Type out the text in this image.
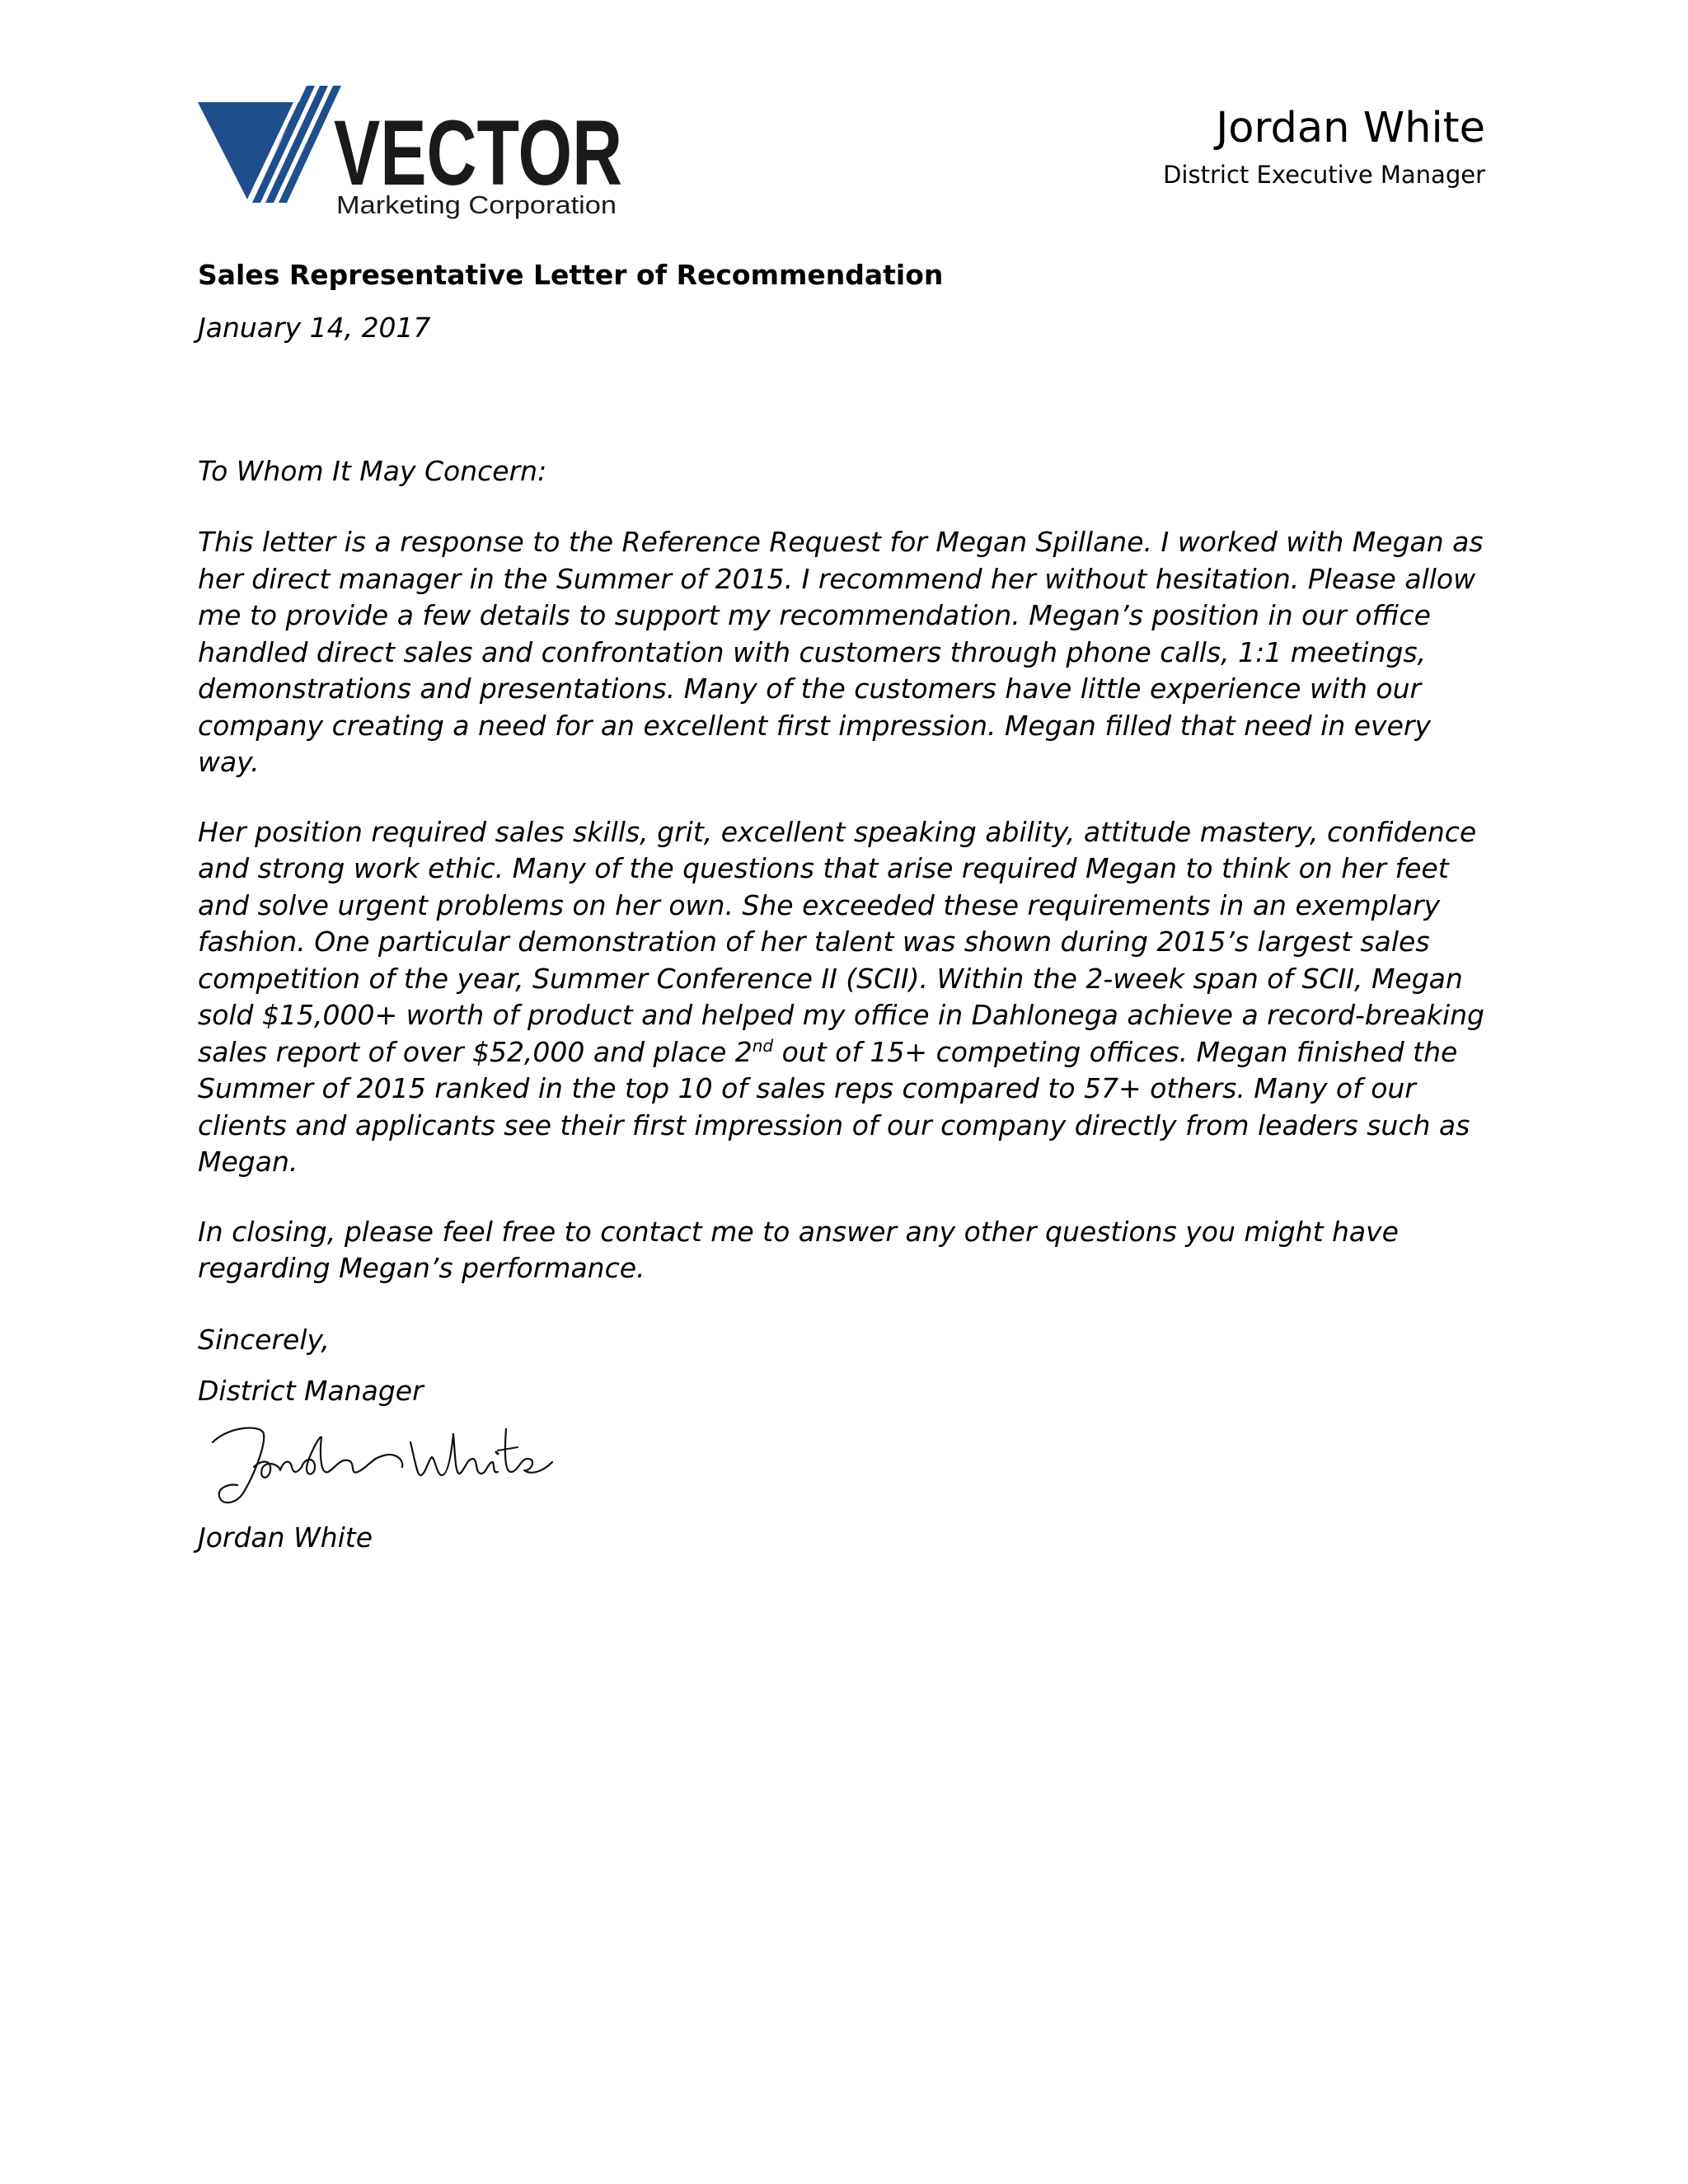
VECTOR
Marketing Corporation
Jordan White
District Executive Manager

Sales Representative Letter of Recommendation

January 14, 2017

To Whom It May Concern:

This letter is a response to the Reference Request for Megan Spillane. I worked with Megan as her direct manager in the Summer of 2015. I recommend her without hesitation. Please allow me to provide a few details to support my recommendation. Megan’s position in our office handled direct sales and confrontation with customers through phone calls, 1:1 meetings, demonstrations and presentations. Many of the customers have little experience with our company creating a need for an excellent first impression. Megan filled that need in every way.

Her position required sales skills, grit, excellent speaking ability, attitude mastery, confidence and strong work ethic. Many of the questions that arise required Megan to think on her feet and solve urgent problems on her own. She exceeded these requirements in an exemplary fashion. One particular demonstration of her talent was shown during 2015’s largest sales competition of the year, Summer Conference II (SCII). Within the 2-week span of SCII, Megan sold $15,000+ worth of product and helped my office in Dahlonega achieve a record-breaking sales report of over $52,000 and place 2nd out of 15+ competing offices. Megan finished the Summer of 2015 ranked in the top 10 of sales reps compared to 57+ others. Many of our clients and applicants see their first impression of our company directly from leaders such as Megan.

In closing, please feel free to contact me to answer any other questions you might have regarding Megan’s performance.

Sincerely,

District Manager
Jordan White
